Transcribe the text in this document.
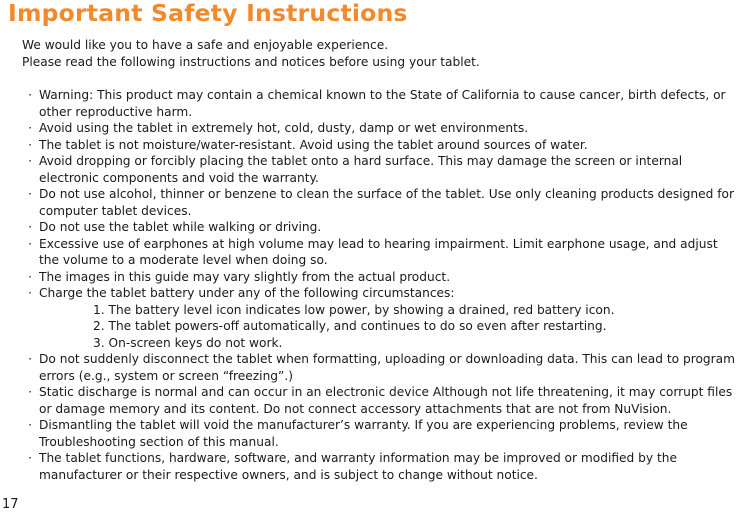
Important Safety Instructions

We would like you to have a safe and enjoyable experience.

Please read the following instructions and notices before using your tablet.

· Warning: This product may contain a chemical known to the State of California to cause cancer, birth defects, or other reproductive harm.
· Avoid using the tablet in extremely hot, cold, dusty, damp or wet environments.
· The tablet is not moisture/water-resistant. Avoid using the tablet around sources of water.
· Avoid dropping or forcibly placing the tablet onto a hard surface. This may damage the screen or internal electronic components and void the warranty.
· Do not use alcohol, thinner or benzene to clean the surface of the tablet. Use only cleaning products designed for computer tablet devices.
· Do not use the tablet while walking or driving.
· Excessive use of earphones at high volume may lead to hearing impairment. Limit earphone usage, and adjust the volume to a moderate level when doing so.
· The images in this guide may vary slightly from the actual product.
· Charge the tablet battery under any of the following circumstances:
1. The battery level icon indicates low power, by showing a drained, red battery icon.
2. The tablet powers-off automatically, and continues to do so even after restarting.
3. On-screen keys do not work.
· Do not suddenly disconnect the tablet when formatting, uploading or downloading data. This can lead to program errors (e.g., system or screen “freezing”.)
· Static discharge is normal and can occur in an electronic device Although not life threatening, it may corrupt files or damage memory and its content. Do not connect accessory attachments that are not from NuVision.
· Dismantling the tablet will void the manufacturer’s warranty. If you are experiencing problems, review the Troubleshooting section of this manual.
· The tablet functions, hardware, software, and warranty information may be improved or modified by the manufacturer or their respective owners, and is subject to change without notice.
17
